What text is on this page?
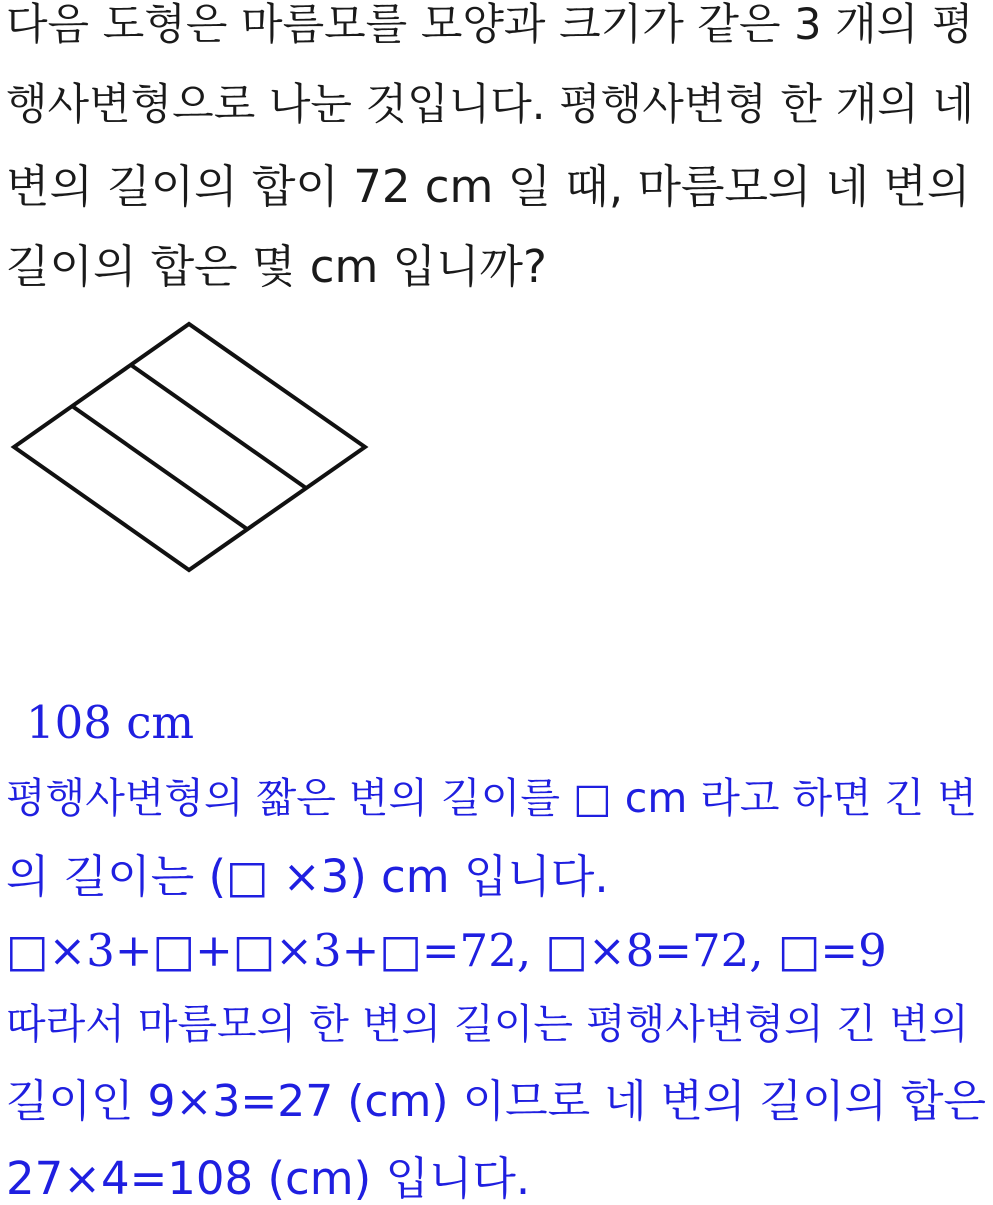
다음 도형은 마름모를 모양과 크기가 같은 3 개의 평
행사변형으로 나눈 것입니다. 평행사변형 한 개의 네
변의 길이의 합이 72 cm 일 때, 마름모의 네 변의
길이의 합은 몇 cm 입니까?
108 cm
평행사변형의 짧은 변의 길이를 □ cm 라고 하면 긴 변
의 길이는 (□ ×3) cm 입니다.
□×3+□+□×3+□=72, □×8=72, □=9
따라서 마름모의 한 변의 길이는 평행사변형의 긴 변의
길이인 9×3=27 (cm) 이므로 네 변의 길이의 합은
27×4=108 (cm) 입니다.
